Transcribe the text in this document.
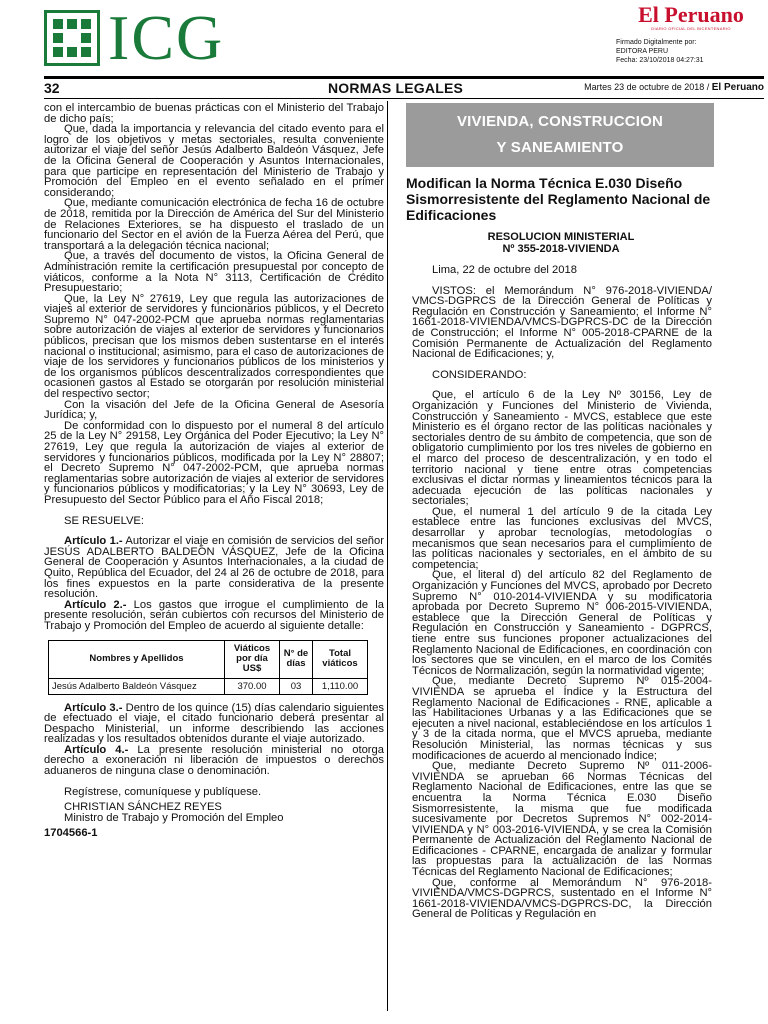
ICG	El Peruano
DIARIO OFICIAL DEL BICENTENARIO
Firmado Digitalmente por:
EDITORA PERU
Fecha: 23/10/2018 04:27:31
32	NORMAS LEGALES	Martes 23 de octubre de 2018 / El Peruano

con el intercambio de buenas prácticas con el Ministerio del Trabajo de dicho país;

Que, dada la importancia y relevancia del citado evento para el logro de los objetivos y metas sectoriales, resulta conveniente autorizar el viaje del señor Jesús Adalberto Baldeón Vásquez, Jefe de la Oficina General de Cooperación y Asuntos Internacionales, para que participe en representación del Ministerio de Trabajo y Promoción del Empleo en el evento señalado en el primer considerando;

Que, mediante comunicación electrónica de fecha 16 de octubre de 2018, remitida por la Dirección de América del Sur del Ministerio de Relaciones Exteriores, se ha dispuesto el traslado de un funcionario del Sector en el avión de la Fuerza Aérea del Perú, que transportará a la delegación técnica nacional;

Que, a través del documento de vistos, la Oficina General de Administración remite la certificación presupuestal por concepto de viáticos, conforme a la Nota N° 3113, Certificación de Crédito Presupuestario;

Que, la Ley N° 27619, Ley que regula las autorizaciones de viajes al exterior de servidores y funcionarios públicos, y el Decreto Supremo N° 047-2002-PCM que aprueba normas reglamentarias sobre autorización de viajes al exterior de servidores y funcionarios públicos, precisan que los mismos deben sustentarse en el interés nacional o institucional; asimismo, para el caso de autorizaciones de viaje de los servidores y funcionarios públicos de los ministerios y de los organismos públicos descentralizados correspondientes que ocasionen gastos al Estado se otorgarán por resolución ministerial del respectivo sector;

Con la visación del Jefe de la Oficina General de Asesoría Jurídica; y,

De conformidad con lo dispuesto por el numeral 8 del artículo 25 de la Ley N° 29158, Ley Orgánica del Poder Ejecutivo; la Ley N° 27619, Ley que regula la autorización de viajes al exterior de servidores y funcionarios públicos, modificada por la Ley N° 28807; el Decreto Supremo N° 047-2002-PCM, que aprueba normas reglamentarias sobre autorización de viajes al exterior de servidores y funcionarios públicos y modificatorias; y la Ley N° 30693, Ley de Presupuesto del Sector Público para el Año Fiscal 2018;

SE RESUELVE:

Artículo 1.- Autorizar el viaje en comisión de servicios del señor JESÚS ADALBERTO BALDEÓN VÁSQUEZ, Jefe de la Oficina General de Cooperación y Asuntos Internacionales, a la ciudad de Quito, República del Ecuador, del 24 al 26 de octubre de 2018, para los fines expuestos en la parte considerativa de la presente resolución.

Artículo 2.- Los gastos que irrogue el cumplimiento de la presente resolución, serán cubiertos con recursos del Ministerio de Trabajo y Promoción del Empleo de acuerdo al siguiente detalle:

Nombres y Apellidos	Viáticos por día US$	N° de días	Total viáticos
Jesús Adalberto Baldeón Vásquez	370.00	03	1,110.00

Artículo 3.- Dentro de los quince (15) días calendario siguientes de efectuado el viaje, el citado funcionario deberá presentar al Despacho Ministerial, un informe describiendo las acciones realizadas y los resultados obtenidos durante el viaje autorizado.

Artículo 4.- La presente resolución ministerial no otorga derecho a exoneración ni liberación de impuestos o derechos aduaneros de ninguna clase o denominación.

Regístrese, comuníquese y publíquese.

CHRISTIAN SÁNCHEZ REYES

Ministro de Trabajo y Promoción del Empleo

1704566-1

VIVIENDA, CONSTRUCCION
Y SANEAMIENTO
Modifican la Norma Técnica E.030 Diseño Sismorresistente del Reglamento Nacional de Edificaciones
RESOLUCION MINISTERIAL
Nº 355-2018-VIVIENDA

Lima, 22 de octubre del 2018

VISTOS: el Memorándum N° 976-2018-VIVIENDA/ VMCS-DGPRCS de la Dirección General de Políticas y Regulación en Construcción y Saneamiento; el Informe N° 1661-2018-VIVIENDA/VMCS-DGPRCS-DC de la Dirección de Construcción; el Informe N° 005-2018-CPARNE de la Comisión Permanente de Actualización del Reglamento Nacional de Edificaciones; y,

CONSIDERANDO:

Que, el artículo 6 de la Ley Nº 30156, Ley de Organización y Funciones del Ministerio de Vivienda, Construcción y Saneamiento - MVCS, establece que este Ministerio es el órgano rector de las políticas nacionales y sectoriales dentro de su ámbito de competencia, que son de obligatorio cumplimiento por los tres niveles de gobierno en el marco del proceso de descentralización, y en todo el territorio nacional y tiene entre otras competencias exclusivas el dictar normas y lineamientos técnicos para la adecuada ejecución de las políticas nacionales y sectoriales;

Que, el numeral 1 del artículo 9 de la citada Ley establece entre las funciones exclusivas del MVCS, desarrollar y aprobar tecnologías, metodologías o mecanismos que sean necesarios para el cumplimiento de las políticas nacionales y sectoriales, en el ámbito de su competencia;

Que, el literal d) del artículo 82 del Reglamento de Organización y Funciones del MVCS, aprobado por Decreto Supremo N° 010-2014-VIVIENDA y su modificatoria aprobada por Decreto Supremo N° 006-2015-VIVIENDA, establece que la Dirección General de Políticas y Regulación en Construcción y Saneamiento - DGPRCS, tiene entre sus funciones proponer actualizaciones del Reglamento Nacional de Edificaciones, en coordinación con los sectores que se vinculen, en el marco de los Comités Técnicos de Normalización, según la normatividad vigente;

Que, mediante Decreto Supremo Nº 015-2004-VIVIENDA se aprueba el Índice y la Estructura del Reglamento Nacional de Edificaciones - RNE, aplicable a las Habilitaciones Urbanas y a las Edificaciones que se ejecuten a nivel nacional, estableciéndose en los artículos 1 y 3 de la citada norma, que el MVCS aprueba, mediante Resolución Ministerial, las normas técnicas y sus modificaciones de acuerdo al mencionado Índice;

Que, mediante Decreto Supremo Nº 011-2006-VIVIENDA se aprueban 66 Normas Técnicas del Reglamento Nacional de Edificaciones, entre las que se encuentra la Norma Técnica E.030 Diseño Sismorresistente, la misma que fue modificada sucesivamente por Decretos Supremos N° 002-2014-VIVIENDA y N° 003-2016-VIVIENDA, y se crea la Comisión Permanente de Actualización del Reglamento Nacional de Edificaciones - CPARNE, encargada de analizar y formular las propuestas para la actualización de las Normas Técnicas del Reglamento Nacional de Edificaciones;

Que, conforme al Memorándum N° 976-2018-VIVIENDA/VMCS-DGPRCS, sustentado en el Informe N° 1661-2018-VIVIENDA/VMCS-DGPRCS-DC, la Dirección General de Políticas y Regulación en
